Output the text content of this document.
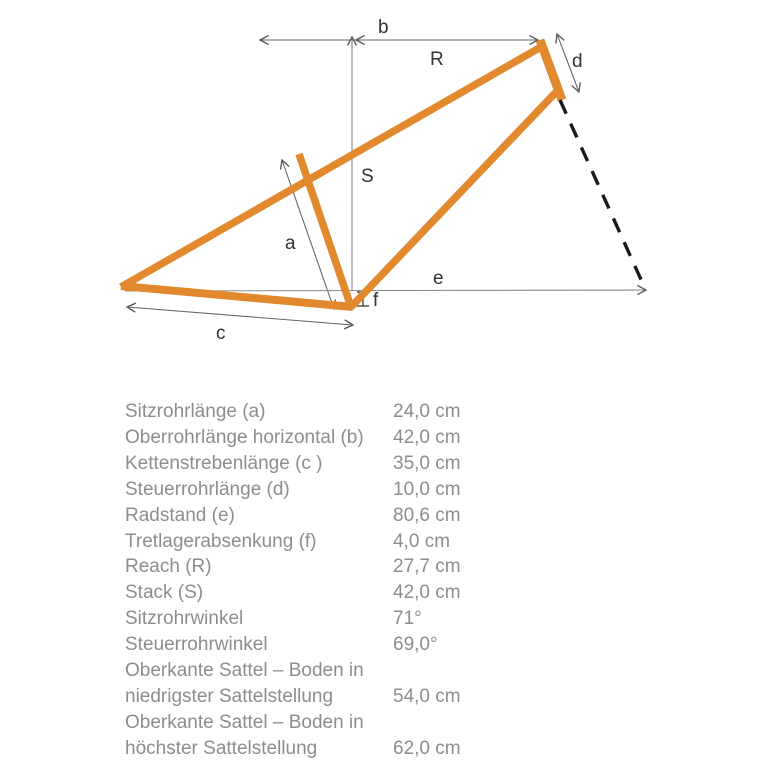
b
R
S
a
c
d
e
f
Sitzrohrlänge (a)	24,0 cm
Oberrohrlänge horizontal (b)	42,0 cm
Kettenstrebenlänge (c )	35,0 cm
Steuerrohrlänge (d)	10,0 cm
Radstand (e)	80,6 cm
Tretlagerabsenkung (f)	4,0 cm
Reach (R)	27,7 cm
Stack (S)	42,0 cm
Sitzrohrwinkel	71°
Steuerrohrwinkel	69,0°
Oberkante Sattel – Boden in
niedrigster Sattelstellung	54,0 cm
Oberkante Sattel – Boden in
höchster Sattelstellung	62,0 cm
